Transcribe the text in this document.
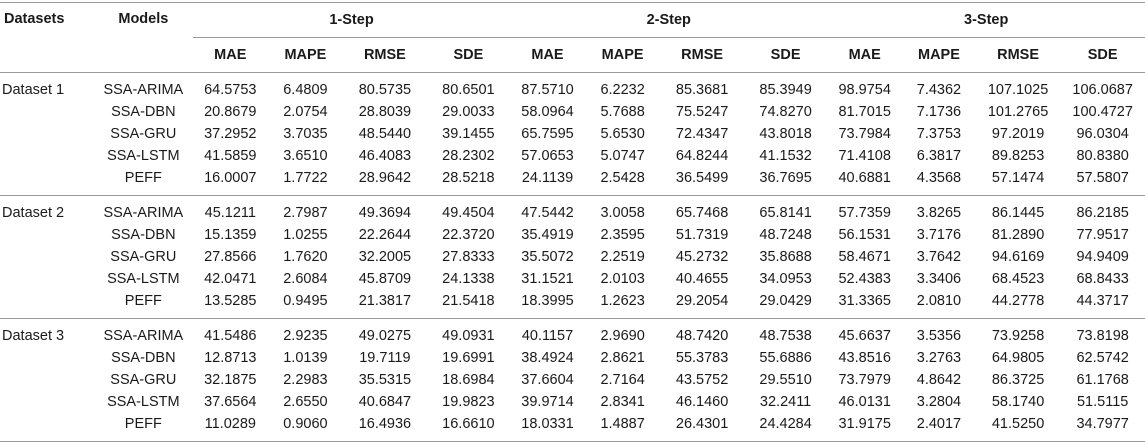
Datasets	Models	1-Step				2-Step				3-Step			
		MAE	MAPE	RMSE	SDE	MAE	MAPE	RMSE	SDE	MAE	MAPE	RMSE	SDE
Dataset 1	SSA-ARIMA	64.5753	6.4809	80.5735	80.6501	87.5710	6.2232	85.3681	85.3949	98.9754	7.4362	107.1025	106.0687
	SSA-DBN	20.8679	2.0754	28.8039	29.0033	58.0964	5.7688	75.5247	74.8270	81.7015	7.1736	101.2765	100.4727
	SSA-GRU	37.2952	3.7035	48.5440	39.1455	65.7595	5.6530	72.4347	43.8018	73.7984	7.3753	97.2019	96.0304
	SSA-LSTM	41.5859	3.6510	46.4083	28.2302	57.0653	5.0747	64.8244	41.1532	71.4108	6.3817	89.8253	80.8380
	PEFF	16.0007	1.7722	28.9642	28.5218	24.1139	2.5428	36.5499	36.7695	40.6881	4.3568	57.1474	57.5807
Dataset 2	SSA-ARIMA	45.1211	2.7987	49.3694	49.4504	47.5442	3.0058	65.7468	65.8141	57.7359	3.8265	86.1445	86.2185
	SSA-DBN	15.1359	1.0255	22.2644	22.3720	35.4919	2.3595	51.7319	48.7248	56.1531	3.7176	81.2890	77.9517
	SSA-GRU	27.8566	1.7620	32.2005	27.8333	35.5072	2.2519	45.2732	35.8688	58.4671	3.7642	94.6169	94.9409
	SSA-LSTM	42.0471	2.6084	45.8709	24.1338	31.1521	2.0103	40.4655	34.0953	52.4383	3.3406	68.4523	68.8433
	PEFF	13.5285	0.9495	21.3817	21.5418	18.3995	1.2623	29.2054	29.0429	31.3365	2.0810	44.2778	44.3717
Dataset 3	SSA-ARIMA	41.5486	2.9235	49.0275	49.0931	40.1157	2.9690	48.7420	48.7538	45.6637	3.5356	73.9258	73.8198
	SSA-DBN	12.8713	1.0139	19.7119	19.6991	38.4924	2.8621	55.3783	55.6886	43.8516	3.2763	64.9805	62.5742
	SSA-GRU	32.1875	2.2983	35.5315	18.6984	37.6604	2.7164	43.5752	29.5510	73.7979	4.8642	86.3725	61.1768
	SSA-LSTM	37.6564	2.6550	40.6847	19.9823	39.9714	2.8341	46.1460	32.2411	46.0131	3.2804	58.1740	51.5115
	PEFF	11.0289	0.9060	16.4936	16.6610	18.0331	1.4887	26.4301	24.4284	31.9175	2.4017	41.5250	34.7977
